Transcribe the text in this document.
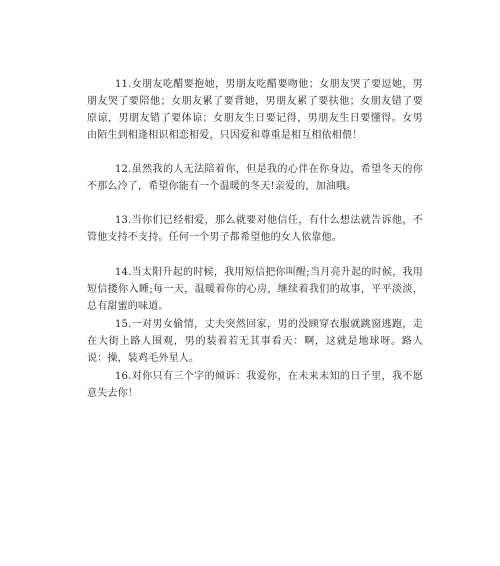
11.女朋友吃醋要抱她，男朋友吃醋要吻他；女朋友哭了要逗她，男朋友哭了要陪他；女朋友累了要背她，男朋友累了要扶他；女朋友错了要原谅，男朋友错了要体谅；女朋友生日要记得，男朋友生日要懂得。女男由陌生到相逢相识相恋相爱，只因爱和尊重是相互相依相偎！

12.虽然我的人无法陪着你，但是我的心伴在你身边，希望冬天的你不那么冷了，希望你能有一个温暖的冬天!亲爱的，加油哦。

13.当你们已经相爱，那么就要对他信任，有什么想法就告诉他，不管他支持不支持。任何一个男子都希望他的女人依靠他。

14.当太阳升起的时候，我用短信把你叫醒;当月亮升起的时候，我用短信搂你入睡;每一天，温暖着你的心房，继续着我们的故事，平平淡淡，总有甜蜜的味道。

15.一对男女偷情，丈夫突然回家，男的没顾穿衣服就跳窗逃跑，走在大街上路人围观，男的装着若无其事看天：啊，这就是地球呀。路人说：操，装鸡毛外星人。

16.对你只有三个字的倾诉：我爱你，在未来未知的日子里，我不愿意失去你！
